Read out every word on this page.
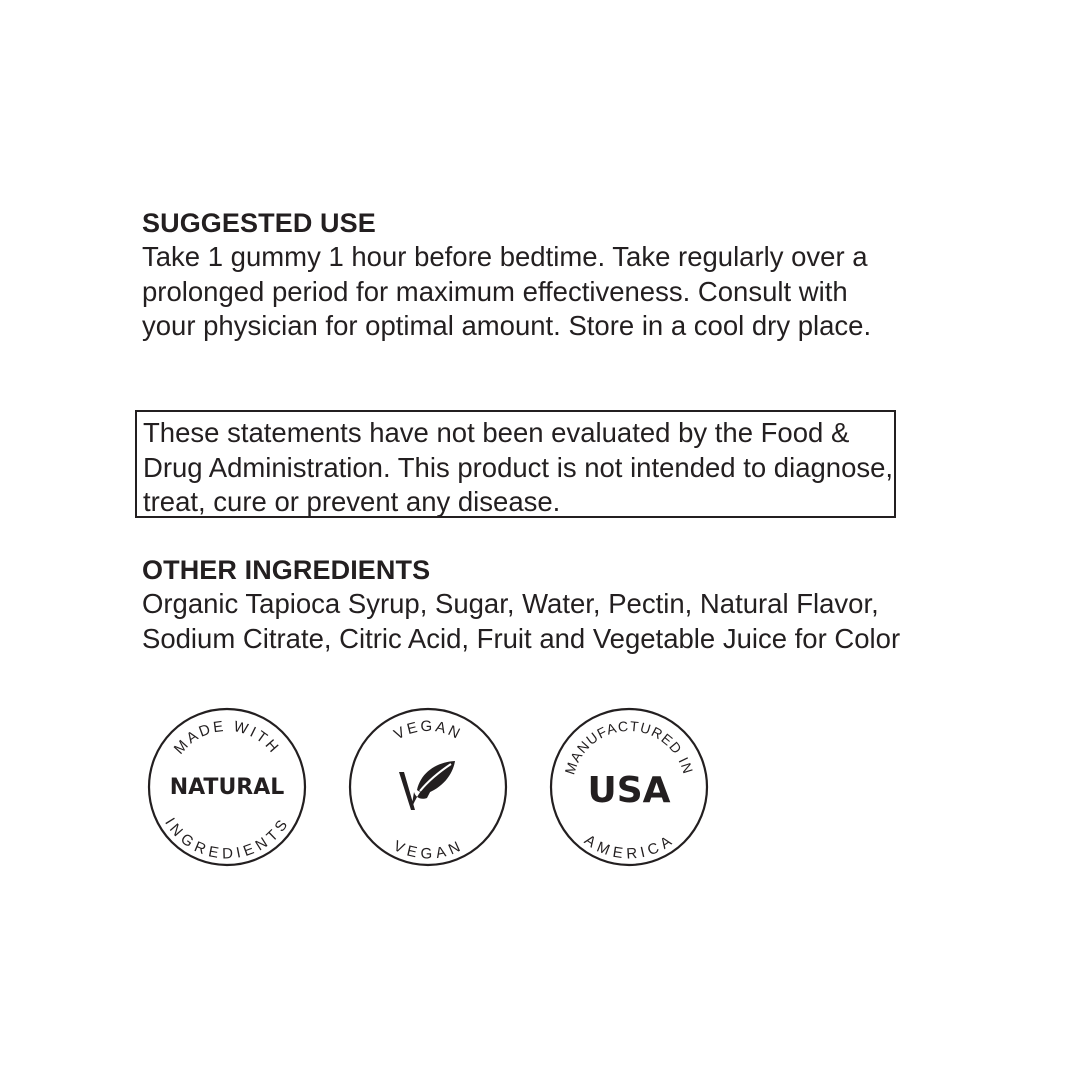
SUGGESTED USE

Take 1 gummy 1 hour before bedtime. Take regularly over a prolonged period for maximum effectiveness. Consult with your physician for optimal amount. Store in a cool dry place.

These statements have not been evaluated by the Food & Drug Administration. This product is not intended to diagnose, treat, cure or prevent any disease.

OTHER INGREDIENTS

Organic Tapioca Syrup, Sugar, Water, Pectin, Natural Flavor,

Sodium Citrate, Citric Acid, Fruit and Vegetable Juice for Color

MADE WITH
NATURAL
INGREDIENTS
VEGAN
VEGAN
MANUFACTURED IN
USA
AMERICA
